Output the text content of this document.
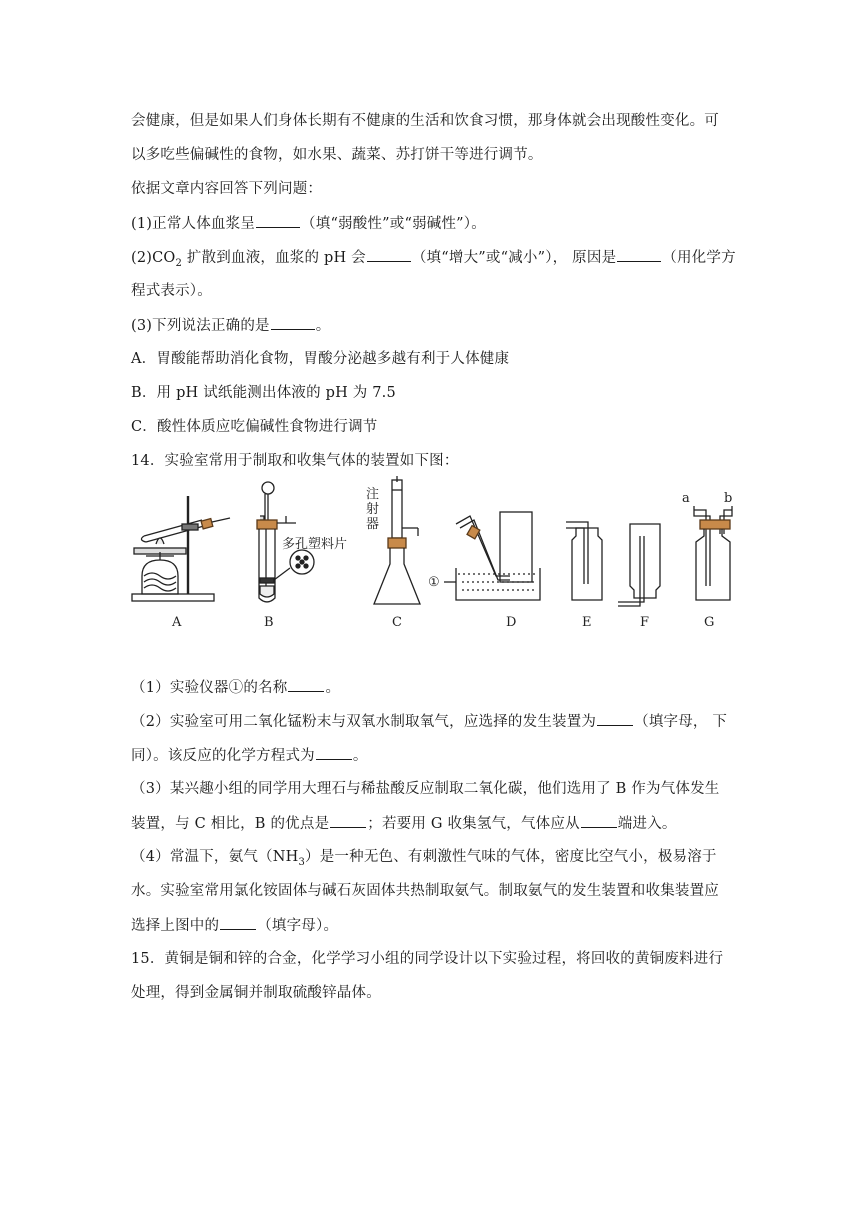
会健康，但是如果人们身体长期有不健康的生活和饮食习惯，那身体就会出现酸性变化。可
以多吃些偏碱性的食物，如水果、蔬菜、苏打饼干等进行调节。
依据文章内容回答下列问题：
(1)正常人体血浆呈	（填“弱酸性”或“弱碱性”）。
$(2)CO_2$ 扩散到血液，血浆的 pH 会	（填“增大”或“减小”）， 原因是	（用化学方
程式表示）。
(3)下列说法正确的是	。
A．胃酸能帮助消化食物，胃酸分泌越多越有利于人体健康
B．用 pH 试纸能测出体液的 pH 为 7.5
C．酸性体质应吃偏碱性食物进行调节
14．实验室常用于制取和收集气体的装置如下图：
A	B	C	D	E	F	G
多孔塑料片
注
射
器
①
a	b
（1）实验仪器①的名称	。
（2）实验室可用二氧化锰粉末与双氧水制取氧气，应选择的发生装置为	（填字母， 下
同）。该反应的化学方程式为	。
（3）某兴趣小组的同学用大理石与稀盐酸反应制取二氧化碳，他们选用了 B 作为气体发生
装置，与 C 相比，B 的优点是	；若要用 G 收集氢气，气体应从	端进入。
（4）常温下，氨气$(NH_3)$是一种无色、有刺激性气味的气体，密度比空气小，极易溶于
水。实验室常用氯化铵固体与碱石灰固体共热制取氨气。制取氨气的发生装置和收集装置应
选择上图中的	（填字母）。
15．黄铜是铜和锌的合金，化学学习小组的同学设计以下实验过程，将回收的黄铜废料进行
处理，得到金属铜并制取硫酸锌晶体。
